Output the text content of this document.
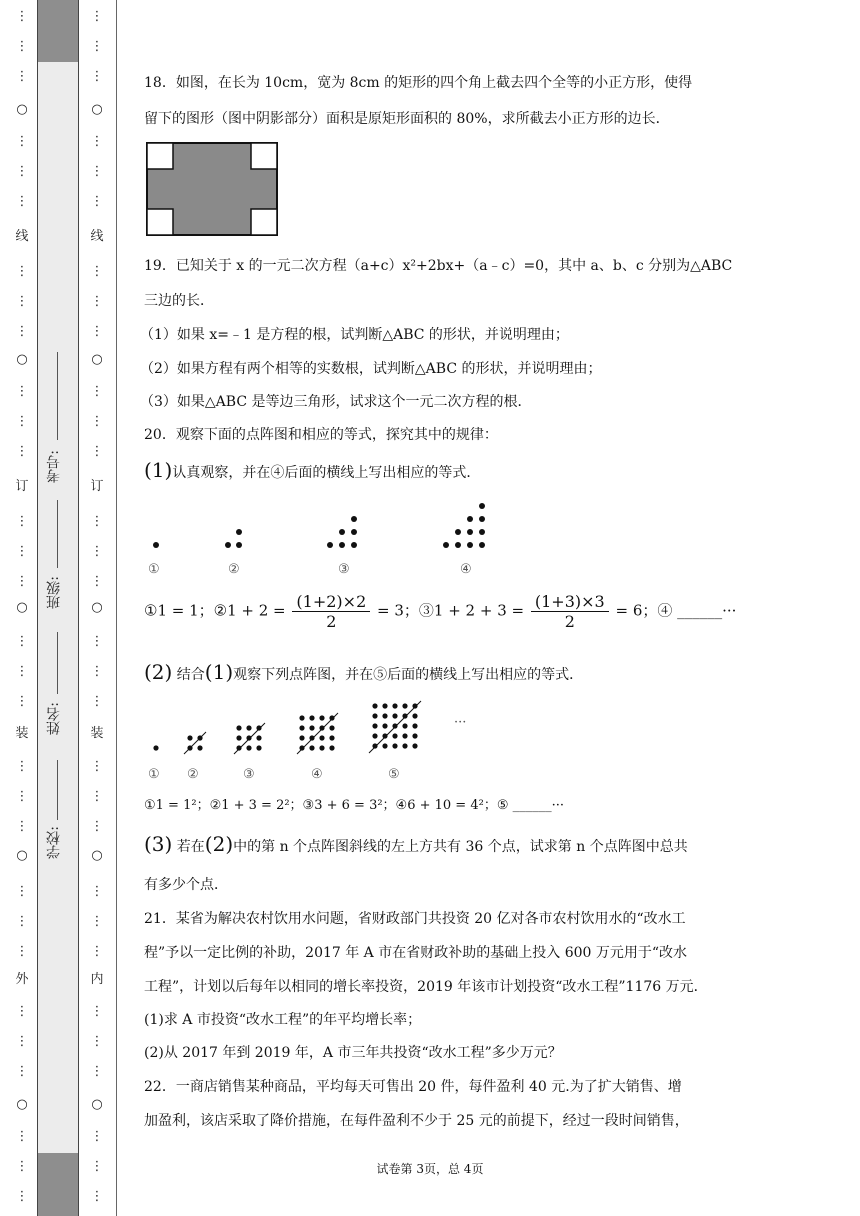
⋮
⋮
⋮
○
⋮
⋮
⋮
线
⋮
⋮
⋮
○
⋮
⋮
⋮
订
⋮
⋮
⋮
○
⋮
⋮
⋮
装
⋮
⋮
⋮
○
⋮
⋮
⋮
外
⋮
⋮
⋮
○
⋮
⋮
⋮
考号:
班级:
姓名:
学校:
⋮
⋮
⋮
○
⋮
⋮
⋮
线
⋮
⋮
⋮
○
⋮
⋮
⋮
订
⋮
⋮
⋮
○
⋮
⋮
⋮
装
⋮
⋮
⋮
○
⋮
⋮
⋮
内
⋮
⋮
⋮
○
⋮
⋮
⋮
18．如图，在长为 10cm，宽为 8cm 的矩形的四个角上截去四个全等的小正方形，使得
留下的图形（图中阴影部分）面积是原矩形面积的 80%，求所截去小正方形的边长．
19．已知关于 x 的一元二次方程（a+c）x²+2bx+（a﹣c）=0，其中 a、b、c 分别为△ABC
三边的长．
（1）如果 x=﹣1 是方程的根，试判断△ABC 的形状，并说明理由；
（2）如果方程有两个相等的实数根，试判断△ABC 的形状，并说明理由；
（3）如果△ABC 是等边三角形，试求这个一元二次方程的根．
20．观察下面的点阵图和相应的等式，探究其中的规律：
(1)认真观察，并在④后面的横线上写出相应的等式．
①	②	③	④
①1 = 1；②1 + $2 = \frac{(1+2)\times 2}{2} = 3$；③1 + $2 + 3 = \frac{(1+3)\times 3}{2} = 6$；④ ______···
(2) 结合(1)观察下列点阵图，并在⑤后面的横线上写出相应的等式．
···
① ②	③	④	⑤
①1 = 1²；②1 + 3 = 2²；③3 + 6 = 3²；④6 + 10 = 4²；⑤ ______···
(3) 若在(2)中的第 n 个点阵图斜线的左上方共有 36 个点，试求第 n 个点阵图中总共
有多少个点．
21．某省为解决农村饮用水问题，省财政部门共投资 20 亿对各市农村饮用水的“改水工
程”予以一定比例的补助，2017 年 A 市在省财政补助的基础上投入 600 万元用于“改水
工程”，计划以后每年以相同的增长率投资，2019 年该市计划投资“改水工程”1176 万元．
(1)求 A 市投资“改水工程”的年平均增长率；
(2)从 2017 年到 2019 年，A 市三年共投资“改水工程”多少万元？
22．一商店销售某种商品，平均每天可售出 20 件，每件盈利 40 元.为了扩大销售、增
加盈利，该店采取了降价措施，在每件盈利不少于 25 元的前提下，经过一段时间销售，
试卷第 3页，总 4页
